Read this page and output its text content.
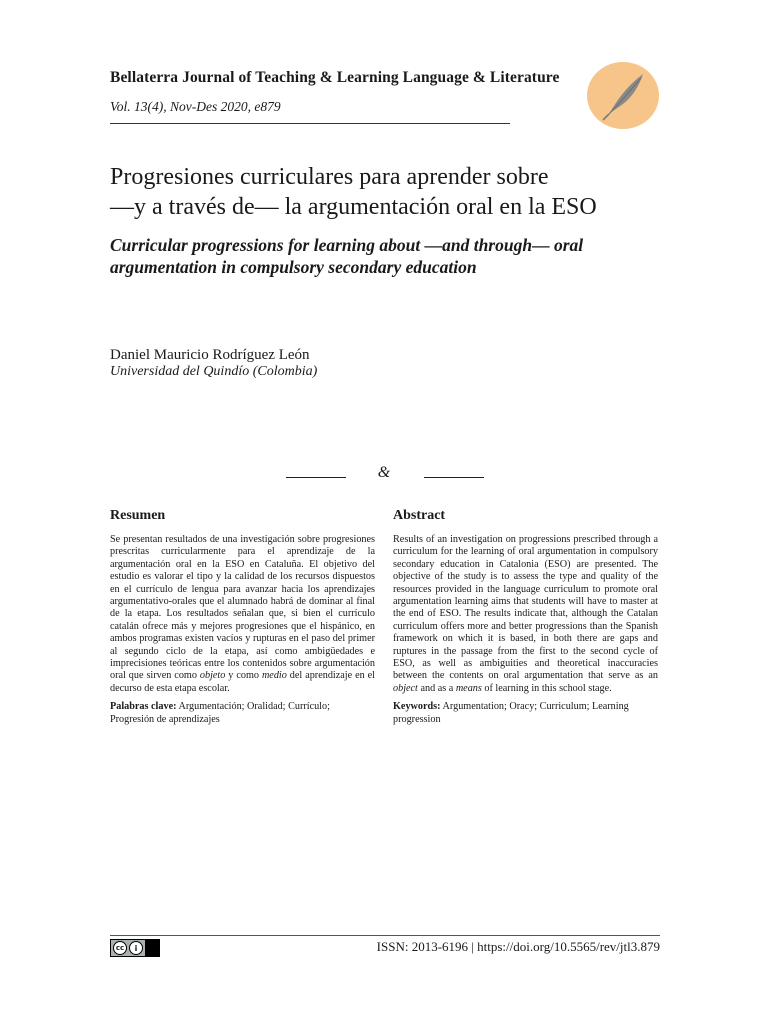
Bellaterra Journal of Teaching & Learning Language & Literature
Vol. 13(4), Nov-Des 2020, e879
Progresiones curriculares para aprender sobre
—y a través de— la argumentación oral en la ESO
Curricular progressions for learning about —and through— oral
argumentation in compulsory secondary education
Daniel Mauricio Rodríguez León
Universidad del Quindío (Colombia)
&
Resumen

Se presentan resultados de una investigación sobre progresiones prescritas curricularmente para el aprendizaje de la argumentación oral en la ESO en Cataluña. El objetivo del estudio es valorar el tipo y la calidad de los recursos dispuestos en el currículo de lengua para avanzar hacia los aprendizajes argumentativo-orales que el alumnado habrá de dominar al final de la etapa. Los resultados señalan que, si bien el currículo catalán ofrece más y mejores progresiones que el hispánico, en ambos programas existen vacíos y rupturas en el paso del primer al segundo ciclo de la etapa, así como ambigüedades e imprecisiones teóricas entre los contenidos sobre argumentación oral que sirven como objeto y como medio del aprendizaje en el decurso de esta etapa escolar.

Palabras clave: Argumentación; Oralidad; Currículo; Progresión de aprendizajes
Abstract

Results of an investigation on progressions prescribed through a curriculum for the learning of oral argumentation in compulsory secondary education in Catalonia (ESO) are presented. The objective of the study is to assess the type and quality of the resources provided in the language curriculum to promote oral argumentation learning aims that students will have to master at the end of ESO. The results indicate that, although the Catalan curriculum offers more and better progressions than the Spanish framework on which it is based, in both there are gaps and ruptures in the passage from the first to the second cycle of ESO, as well as ambiguities and theoretical inaccuracies between the contents on oral argumentation that serve as an object and as a means of learning in this school stage.

Keywords: Argumentation; Oracy; Curriculum; Learning progression
cc	i	ISSN: 2013-6196 | https://doi.org/10.5565/rev/jtl3.879
